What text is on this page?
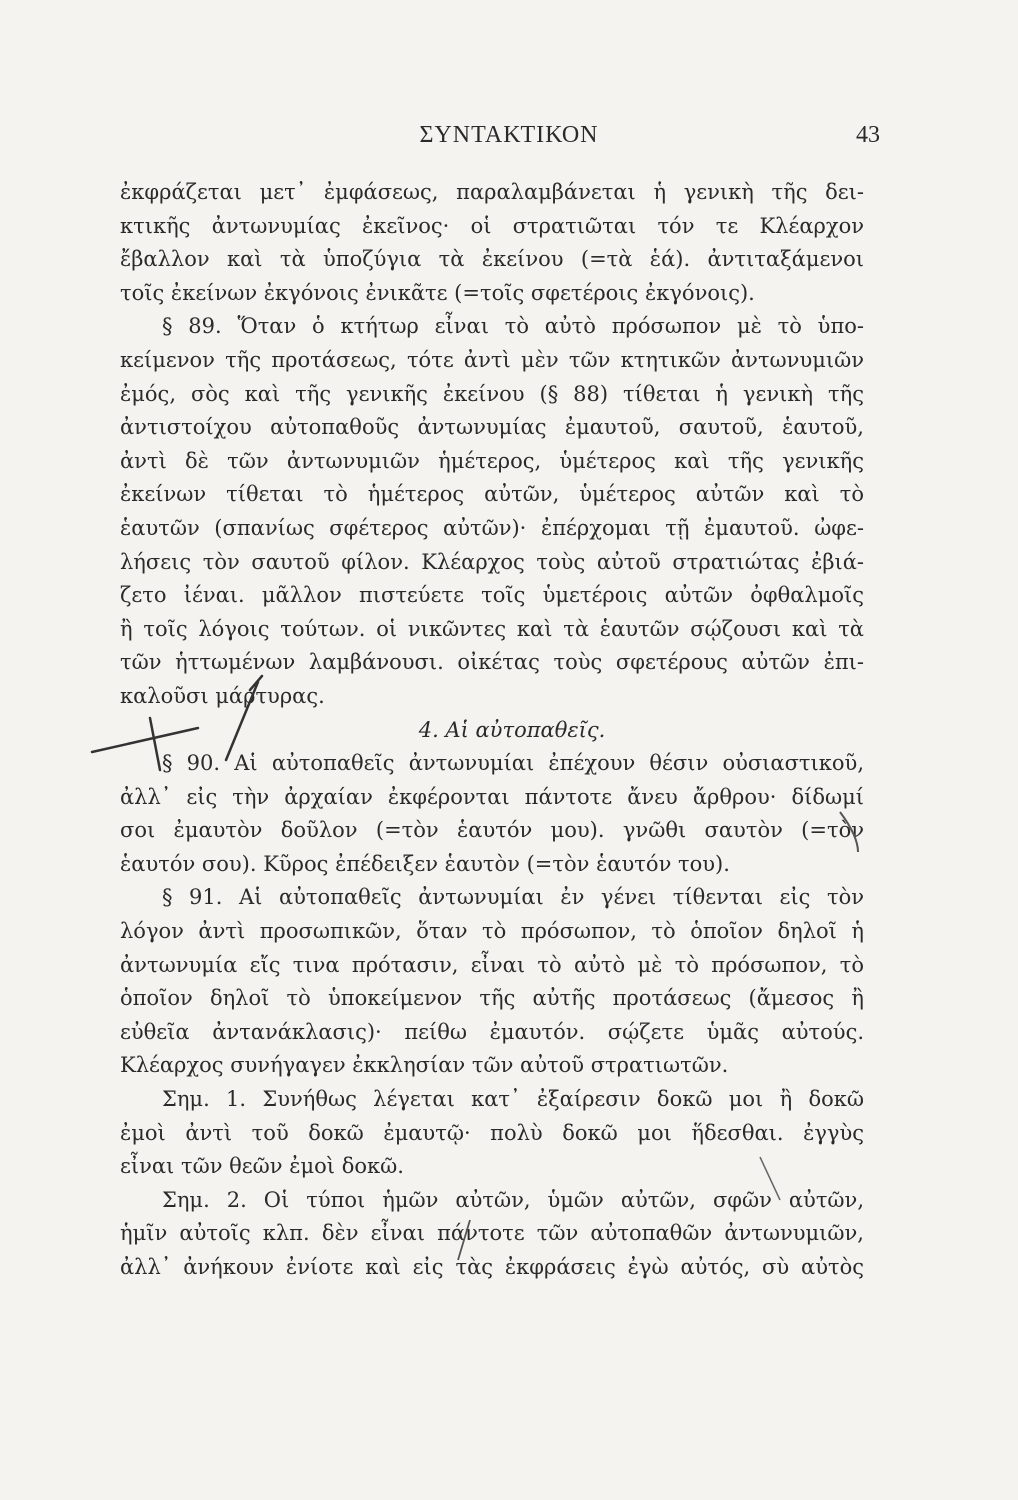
ΣΥΝΤΑΚΤΙΚΟΝ	43
ἐκφράζεται μετ᾽ ἐμφάσεως, παραλαμβάνεται ἡ γενικὴ τῆς δει-
κτικῆς ἀντωνυμίας ἐκεῖνος· οἱ στρατιῶται τόν τε Κλέαρχον
ἔβαλλον καὶ τὰ ὑποζύγια τὰ ἐκείνου (=τὰ ἑά). ἀντιταξάμενοι
τοῖς ἐκείνων ἐκγόνοις ἐνικᾶτε (=τοῖς σφετέροις ἐκγόνοις).
§ 89. Ὅταν ὁ κτήτωρ εἶναι τὸ αὐτὸ πρόσωπον μὲ τὸ ὑπο-
κείμενον τῆς προτάσεως, τότε ἀντὶ μὲν τῶν κτητικῶν ἀντωνυμιῶν
ἐμός, σὸς καὶ τῆς γενικῆς ἐκείνου (§ 88) τίθεται ἡ γενικὴ τῆς
ἀντιστοίχου αὐτοπαθοῦς ἀντωνυμίας ἐμαυτοῦ, σαυτοῦ, ἑαυτοῦ,
ἀντὶ δὲ τῶν ἀντωνυμιῶν ἡμέτερος, ὑμέτερος καὶ τῆς γενικῆς
ἐκείνων τίθεται τὸ ἡμέτερος αὐτῶν, ὑμέτερος αὐτῶν καὶ τὸ
ἑαυτῶν (σπανίως σφέτερος αὐτῶν)· ἐπέρχομαι τῇ ἐμαυτοῦ. ὠφε-
λήσεις τὸν σαυτοῦ φίλον. Κλέαρχος τοὺς αὐτοῦ στρατιώτας ἐβιά-
ζετο ἰέναι. μᾶλλον πιστεύετε τοῖς ὑμετέροις αὐτῶν ὀφθαλμοῖς
ἢ τοῖς λόγοις τούτων. οἱ νικῶντες καὶ τὰ ἑαυτῶν σῴζουσι καὶ τὰ
τῶν ἡττωμένων λαμβάνουσι. οἰκέτας τοὺς σφετέρους αὐτῶν ἐπι-
καλοῦσι μάρτυρας.
4. Αἱ αὐτοπαθεῖς.
§ 90. Αἱ αὐτοπαθεῖς ἀντωνυμίαι ἐπέχουν θέσιν οὐσιαστικοῦ,
ἀλλ᾽ εἰς τὴν ἀρχαίαν ἐκφέρονται πάντοτε ἄνευ ἄρθρου· δίδωμί
σοι ἐμαυτὸν δοῦλον (=τὸν ἑαυτόν μου). γνῶθι σαυτὸν (=τὸν
ἑαυτόν σου). Κῦρος ἐπέδειξεν ἑαυτὸν (=τὸν ἑαυτόν του).
§ 91. Αἱ αὐτοπαθεῖς ἀντωνυμίαι ἐν γένει τίθενται εἰς τὸν
λόγον ἀντὶ προσωπικῶν, ὅταν τὸ πρόσωπον, τὸ ὁποῖον δηλοῖ ἡ
ἀντωνυμία εἴς τινα πρότασιν, εἶναι τὸ αὐτὸ μὲ τὸ πρόσωπον, τὸ
ὁποῖον δηλοῖ τὸ ὑποκείμενον τῆς αὐτῆς προτάσεως (ἄμεσος ἢ
εὐθεῖα ἀντανάκλασις)· πείθω ἐμαυτόν. σῴζετε ὑμᾶς αὐτούς.
Κλέαρχος συνήγαγεν ἐκκλησίαν τῶν αὐτοῦ στρατιωτῶν.
Σημ. 1. Συνήθως λέγεται κατ᾽ ἐξαίρεσιν δοκῶ μοι ἢ δοκῶ
ἐμοὶ ἀντὶ τοῦ δοκῶ ἐμαυτῷ· πολὺ δοκῶ μοι ἥδεσθαι. ἐγγὺς
εἶναι τῶν θεῶν ἐμοὶ δοκῶ.
Σημ. 2. Οἱ τύποι ἡμῶν αὐτῶν, ὑμῶν αὐτῶν, σφῶν αὐτῶν,
ἡμῖν αὐτοῖς κλπ. δὲν εἶναι πάντοτε τῶν αὐτοπαθῶν ἀντωνυμιῶν,
ἀλλ᾽ ἀνήκουν ἐνίοτε καὶ εἰς τὰς ἐκφράσεις ἐγὼ αὐτός, σὺ αὐτὸς
